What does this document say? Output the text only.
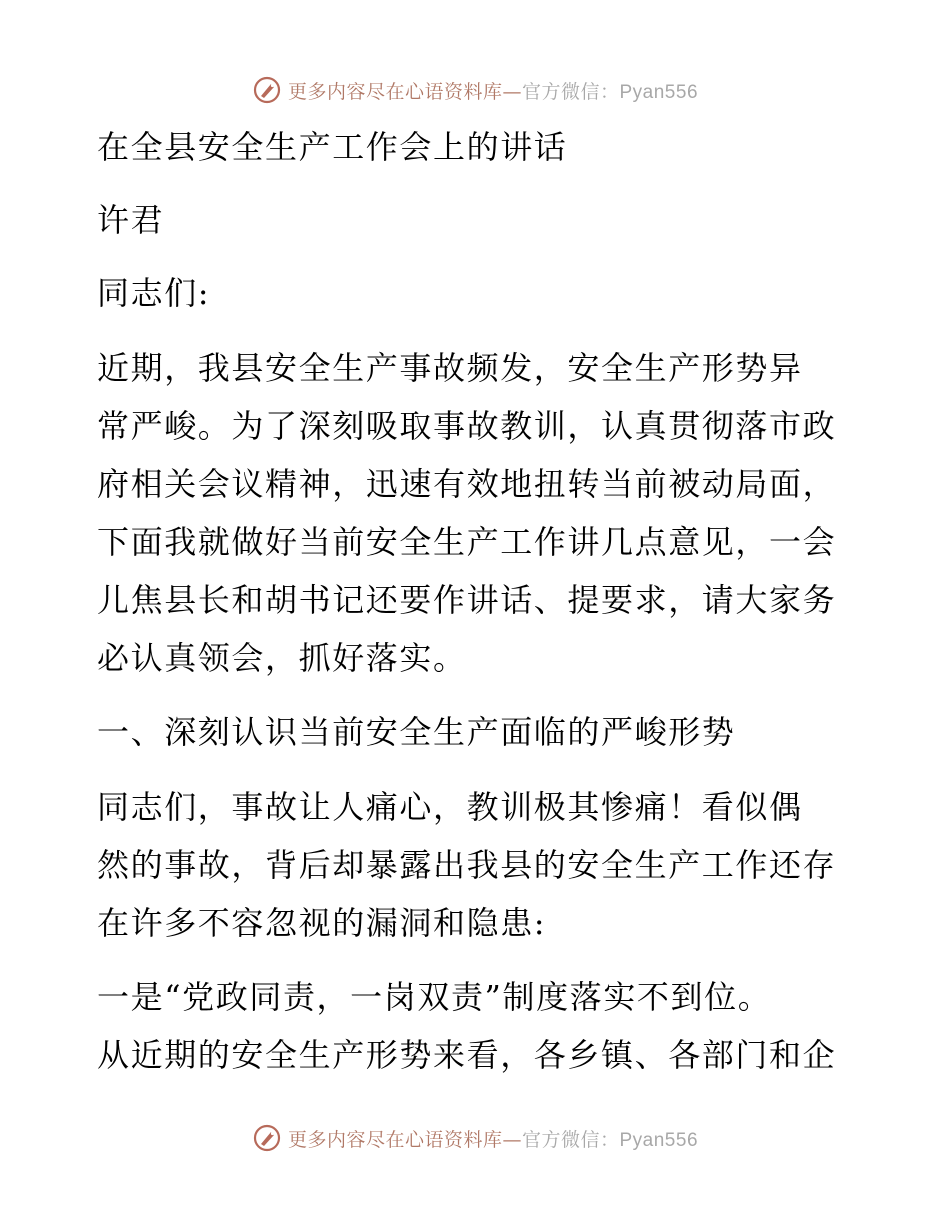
更多内容尽在心语资料库—官方微信：Pyan556
在全县安全生产工作会上的讲话
许君
同志们:
近期，我县安全生产事故频发，安全生产形势异
常严峻。为了深刻吸取事故教训，认真贯彻落市政
府相关会议精神，迅速有效地扭转当前被动局面，
下面我就做好当前安全生产工作讲几点意见，一会
儿焦县长和胡书记还要作讲话、提要求，请大家务
必认真领会，抓好落实。
一、深刻认识当前安全生产面临的严峻形势
同志们，事故让人痛心，教训极其惨痛！看似偶
然的事故，背后却暴露出我县的安全生产工作还存
在许多不容忽视的漏洞和隐患:
一是“党政同责，一岗双责”制度落实不到位。
从近期的安全生产形势来看，各乡镇、各部门和企
更多内容尽在心语资料库—官方微信：Pyan556
